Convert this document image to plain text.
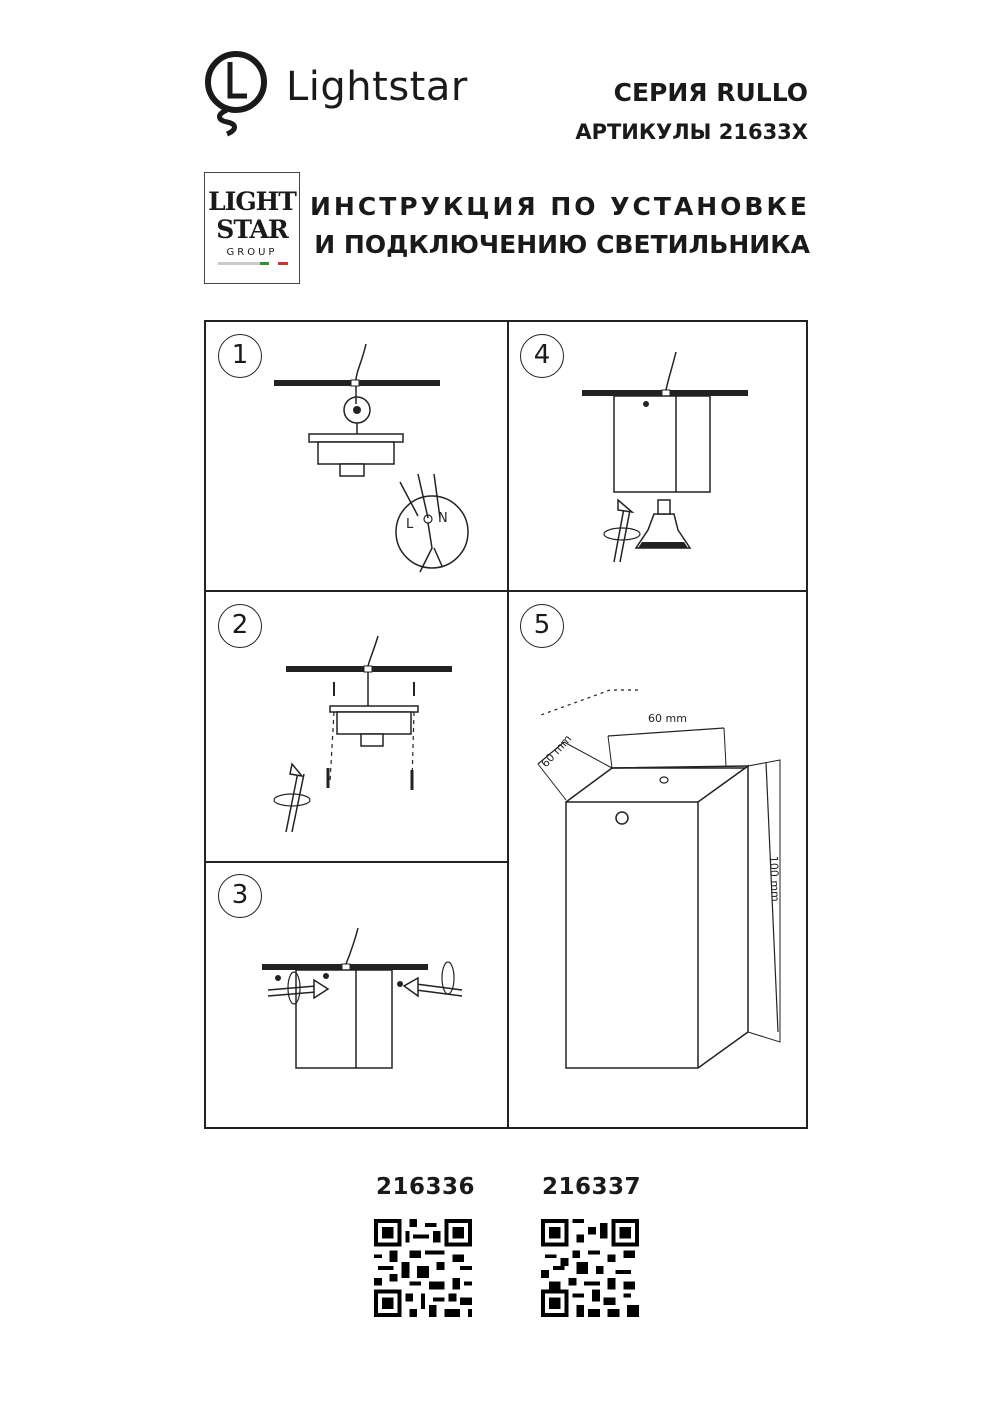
Lightstar	СЕРИЯ RULLO
АРТИКУЛЫ 21633X
LIGHT
STAR
GROUP
ИНСТРУКЦИЯ ПО УСТАНОВКЕ
И ПОДКЛЮЧЕНИЮ СВЕТИЛЬНИКА
1
L N
2
3
4
5
60 mm
60 mm
100 mm
216336	216337
